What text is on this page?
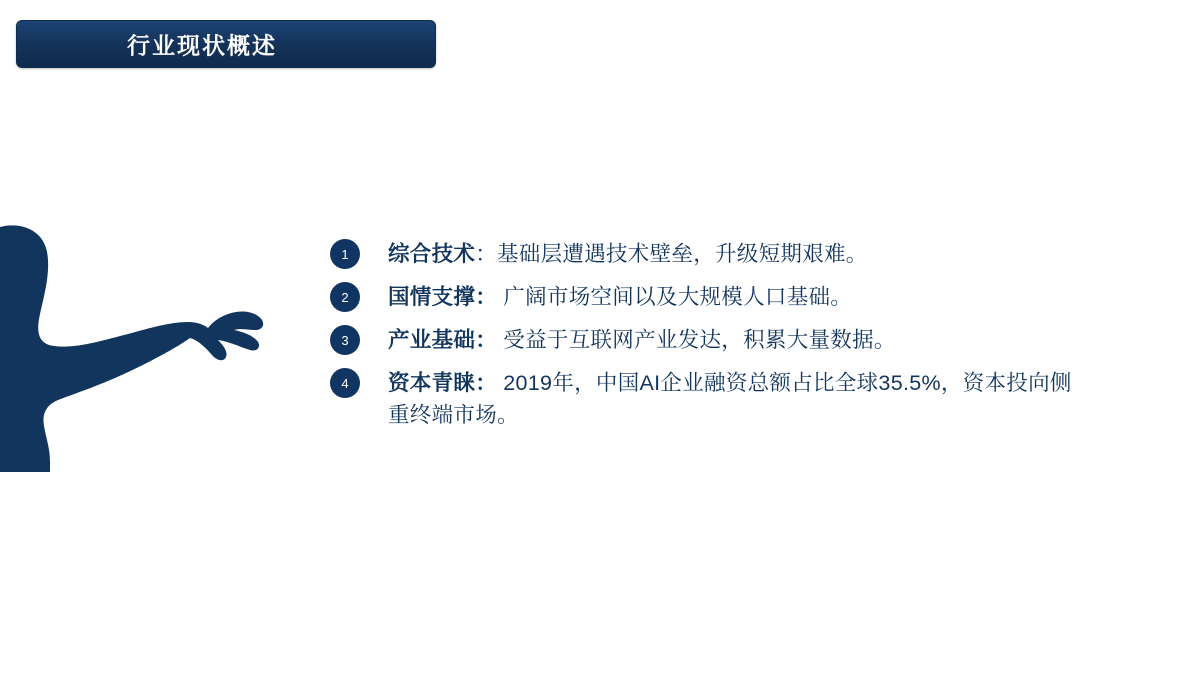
行业现状概述
1	综合技术：基础层遭遇技术壁垒，升级短期艰难。
2	国情支撑： 广阔市场空间以及大规模人口基础。
3	产业基础： 受益于互联网产业发达，积累大量数据。
4	资本青睐： 2019年，中国AI企业融资总额占比全球35.5%，资本投向侧重终端市场。
